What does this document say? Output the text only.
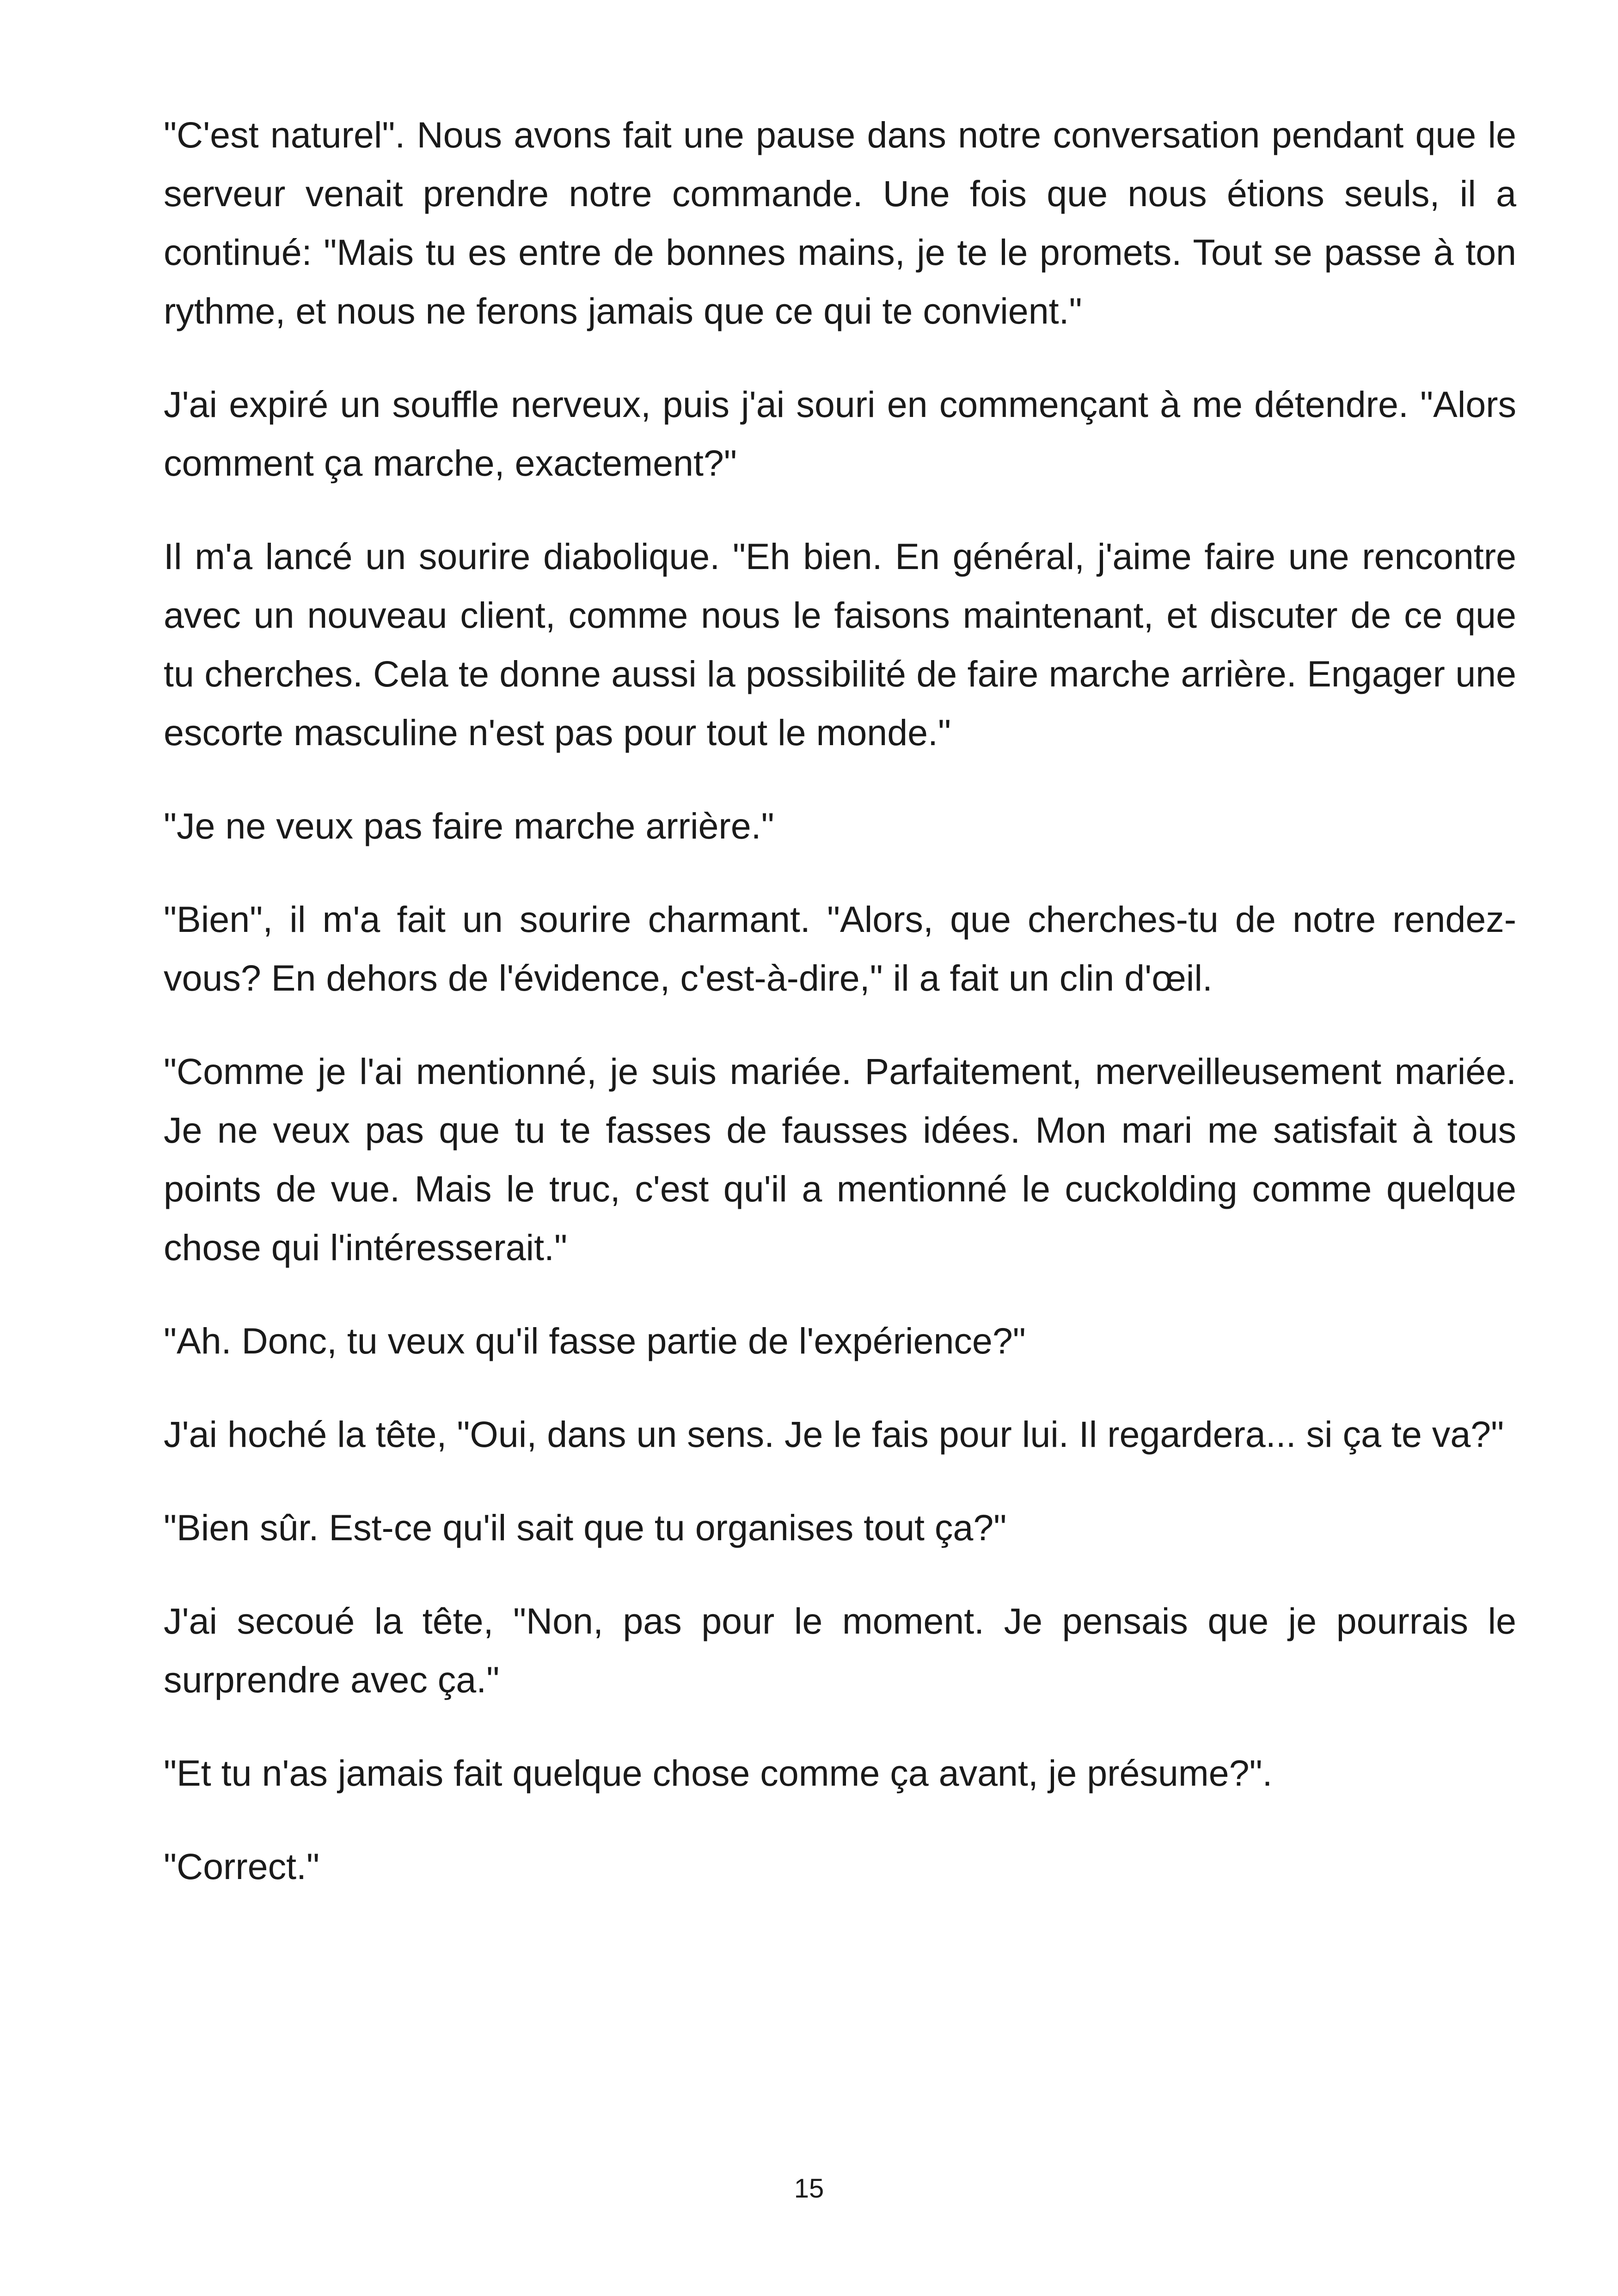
"C'est naturel". Nous avons fait une pause dans notre conversation pendant que le serveur venait prendre notre commande. Une fois que nous étions seuls, il a continué: "Mais tu es entre de bonnes mains, je te le promets. Tout se passe à ton rythme, et nous ne ferons jamais que ce qui te convient."

J'ai expiré un souffle nerveux, puis j'ai souri en commençant à me détendre. "Alors comment ça marche, exactement?"

Il m'a lancé un sourire diabolique. "Eh bien. En général, j'aime faire une rencontre avec un nouveau client, comme nous le faisons maintenant, et discuter de ce que tu cherches. Cela te donne aussi la possibilité de faire marche arrière. Engager une escorte masculine n'est pas pour tout le monde."

"Je ne veux pas faire marche arrière."

"Bien", il m'a fait un sourire charmant. "Alors, que cherches-tu de notre rendez-vous? En dehors de l'évidence, c'est-à-dire," il a fait un clin d'œil.

"Comme je l'ai mentionné, je suis mariée. Parfaitement, merveilleusement mariée. Je ne veux pas que tu te fasses de fausses idées. Mon mari me satisfait à tous points de vue. Mais le truc, c'est qu'il a mentionné le cuckolding comme quelque chose qui l'intéresserait."

"Ah. Donc, tu veux qu'il fasse partie de l'expérience?"

J'ai hoché la tête, "Oui, dans un sens. Je le fais pour lui. Il regardera... si ça te va?"

"Bien sûr. Est-ce qu'il sait que tu organises tout ça?"

J'ai secoué la tête, "Non, pas pour le moment. Je pensais que je pourrais le surprendre avec ça."

"Et tu n'as jamais fait quelque chose comme ça avant, je présume?".

"Correct."

15
